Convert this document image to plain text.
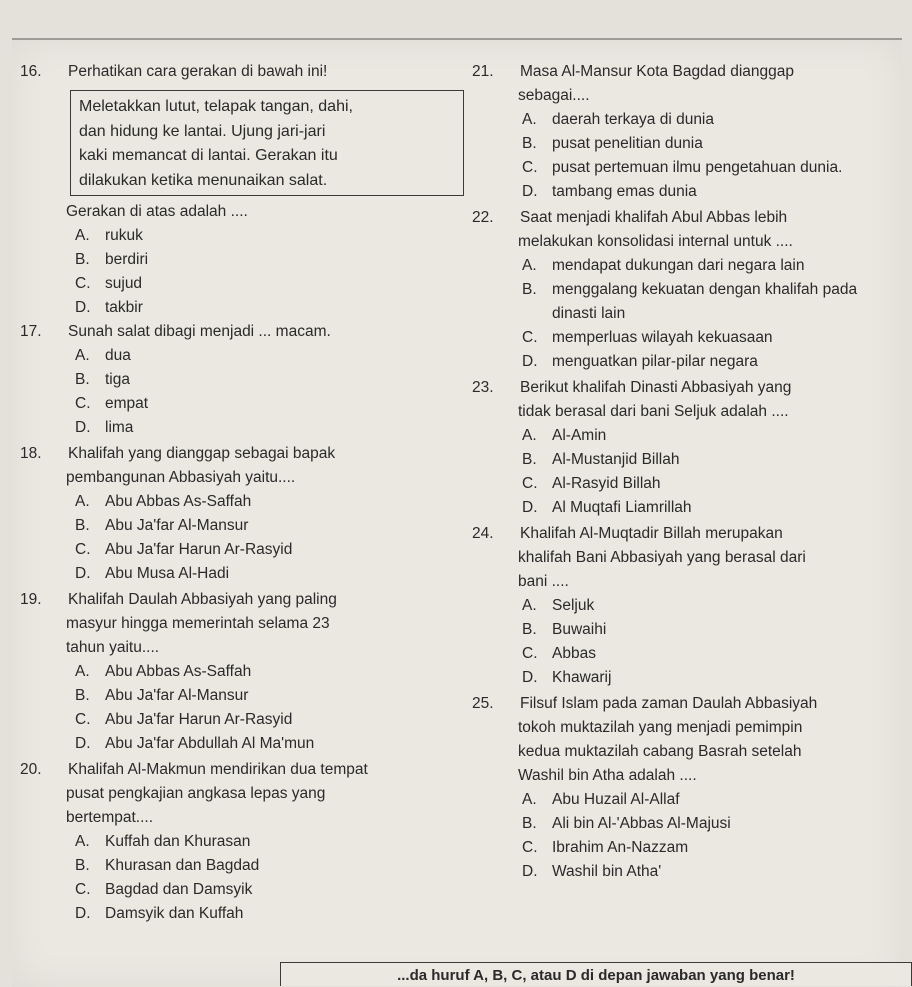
16.	Perhatikan cara gerakan di bawah ini!
Meletakkan lutut, telapak tangan, dahi,
dan hidung ke lantai. Ujung jari-jari
kaki memancat di lantai. Gerakan itu
dilakukan ketika menunaikan salat.
Gerakan di atas adalah ....
A. rukuk
B. berdiri
C. sujud
D. takbir
17.	Sunah salat dibagi menjadi ... macam.
A. dua
B. tiga
C. empat
D. lima
18.	Khalifah yang dianggap sebagai bapak
pembangunan Abbasiyah yaitu....
A. Abu Abbas As-Saffah
B. Abu Ja'far Al-Mansur
C. Abu Ja'far Harun Ar-Rasyid
D. Abu Musa Al-Hadi
19.	Khalifah Daulah Abbasiyah yang paling
masyur hingga memerintah selama 23
tahun yaitu....
A. Abu Abbas As-Saffah
B. Abu Ja'far Al-Mansur
C. Abu Ja'far Harun Ar-Rasyid
D. Abu Ja'far Abdullah Al Ma'mun
20.	Khalifah Al-Makmun mendirikan dua tempat
pusat pengkajian angkasa lepas yang
bertempat....
A. Kuffah dan Khurasan
B. Khurasan dan Bagdad
C. Bagdad dan Damsyik
D. Damsyik dan Kuffah
21.	Masa Al-Mansur Kota Bagdad dianggap
sebagai....
A. daerah terkaya di dunia
B. pusat penelitian dunia
C. pusat pertemuan ilmu pengetahuan dunia.
D. tambang emas dunia
22.	Saat menjadi khalifah Abul Abbas lebih
melakukan konsolidasi internal untuk ....
A. mendapat dukungan dari negara lain
B. menggalang kekuatan dengan khalifah pada dinasti lain
C. memperluas wilayah kekuasaan
D. menguatkan pilar-pilar negara
23.	Berikut khalifah Dinasti Abbasiyah yang
tidak berasal dari bani Seljuk adalah ....
A. Al-Amin
B. Al-Mustanjid Billah
C. Al-Rasyid Billah
D. Al Muqtafi Liamrillah
24.	Khalifah Al-Muqtadir Billah merupakan
khalifah Bani Abbasiyah yang berasal dari
bani ....
A. Seljuk
B. Buwaihi
C. Abbas
D. Khawarij
25.	Filsuf Islam pada zaman Daulah Abbasiyah
tokoh muktazilah yang menjadi pemimpin
kedua muktazilah cabang Basrah setelah
Washil bin Atha adalah ....
A. Abu Huzail Al-Allaf
B. Ali bin Al-'Abbas Al-Majusi
C. Ibrahim An-Nazzam
D. Washil bin Atha'
...da huruf A, B, C, atau D di depan jawaban yang benar!
